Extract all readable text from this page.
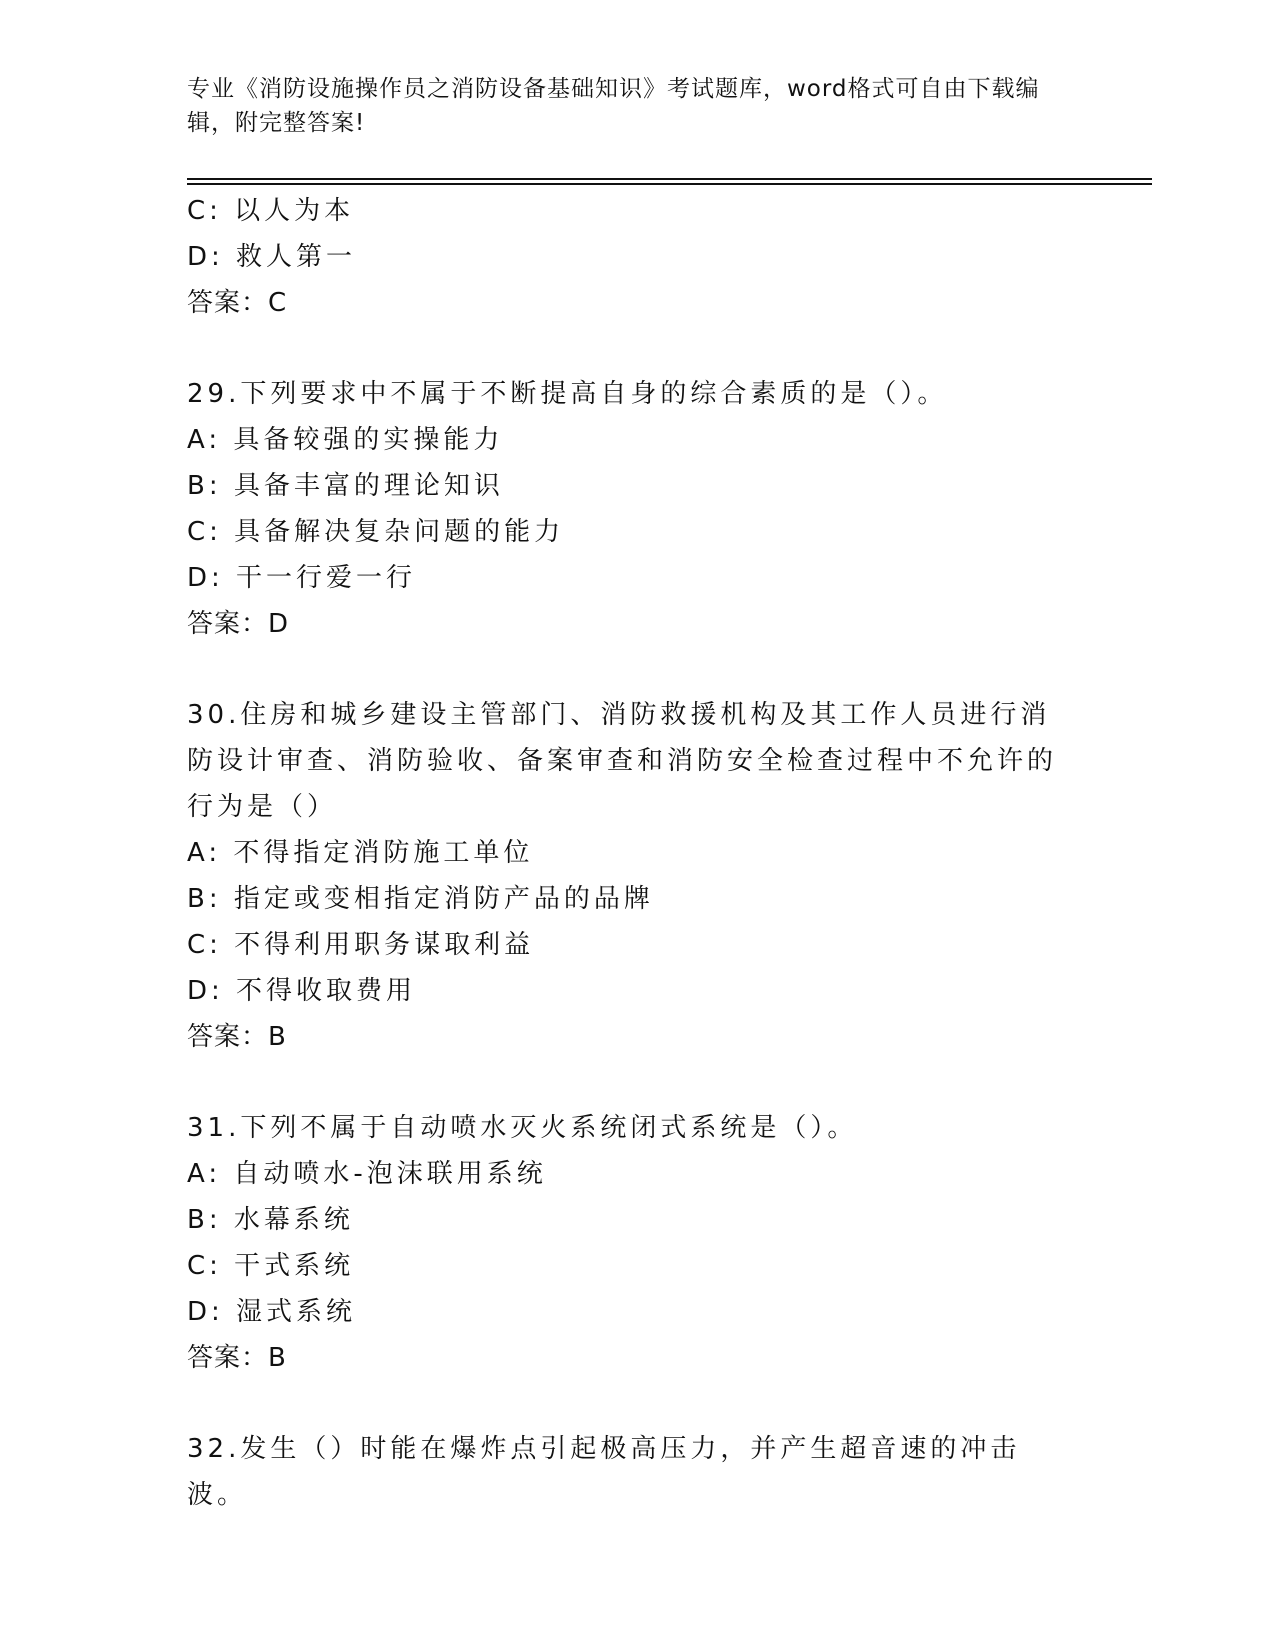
专业《消防设施操作员之消防设备基础知识》考试题库，word格式可自由下载编辑，附完整答案!
C: 以人为本
D: 救人第一
答案：C
29.下列要求中不属于不断提高自身的综合素质的是（）。
A: 具备较强的实操能力
B: 具备丰富的理论知识
C: 具备解决复杂问题的能力
D: 干一行爱一行
答案：D
30.住房和城乡建设主管部门、消防救援机构及其工作人员进行消防设计审查、消防验收、备案审查和消防安全检查过程中不允许的行为是（）
A: 不得指定消防施工单位
B: 指定或变相指定消防产品的品牌
C: 不得利用职务谋取利益
D: 不得收取费用
答案：B
31.下列不属于自动喷水灭火系统闭式系统是（）。
A: 自动喷水-泡沫联用系统
B: 水幕系统
C: 干式系统
D: 湿式系统
答案：B
32.发生（）时能在爆炸点引起极高压力，并产生超音速的冲击波。
